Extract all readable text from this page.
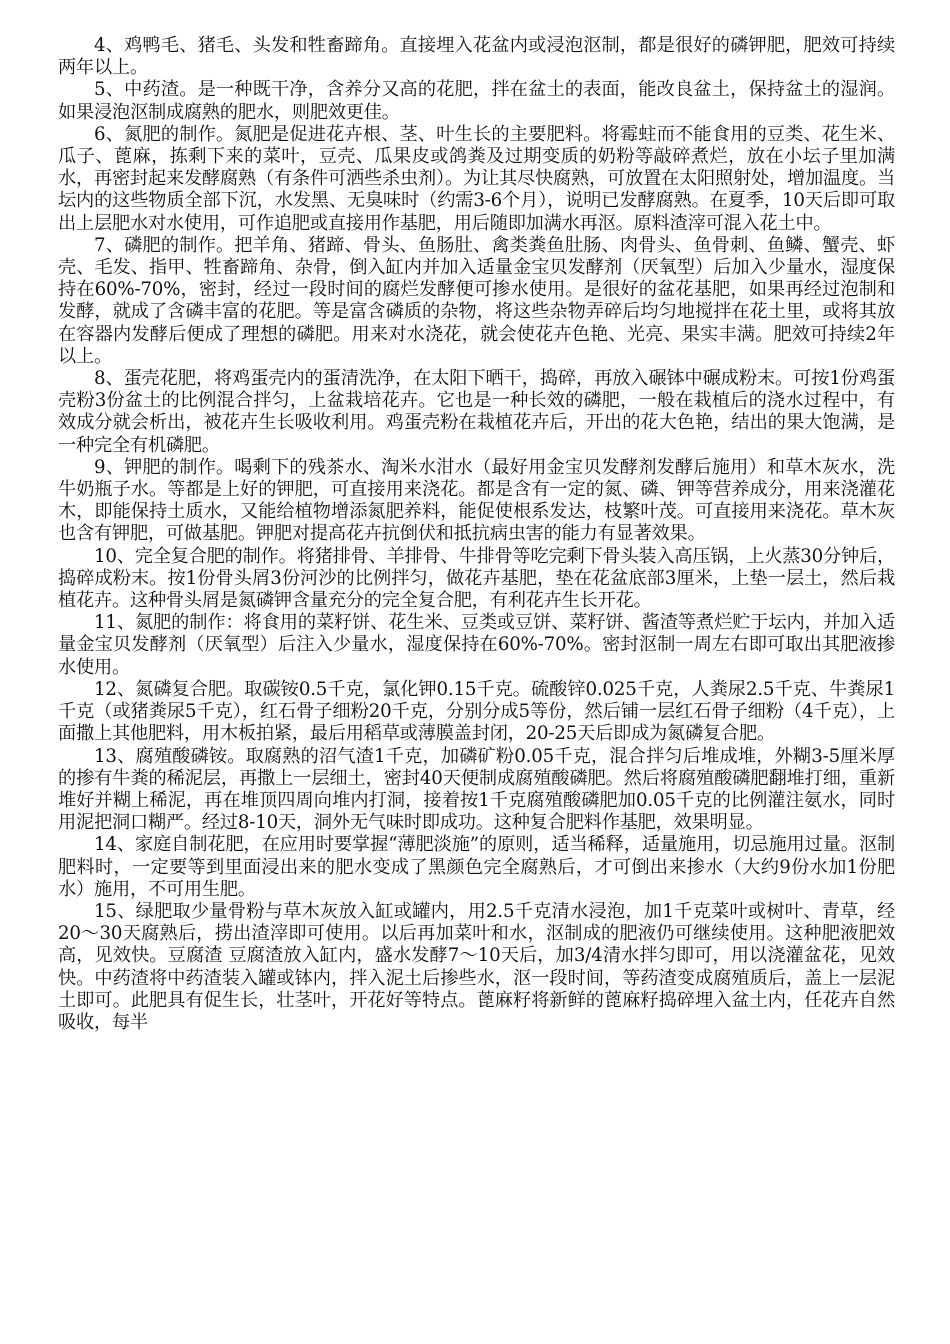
4、鸡鸭毛、猪毛、头发和牲畜蹄角。直接埋入花盆内或浸泡沤制，都是很好的磷钾肥，肥效可持续两年以上。

5、中药渣。是一种既干净，含养分又高的花肥，拌在盆土的表面，能改良盆土，保持盆土的湿润。如果浸泡沤制成腐熟的肥水，则肥效更佳。

6、氮肥的制作。氮肥是促进花卉根、茎、叶生长的主要肥料。将霉蛀而不能食用的豆类、花生米、瓜子、蓖麻，拣剩下来的菜叶，豆壳、瓜果皮或鸽粪及过期变质的奶粉等敲碎煮烂，放在小坛子里加满水，再密封起来发酵腐熟（有条件可洒些杀虫剂）。为让其尽快腐熟，可放置在太阳照射处，增加温度。当坛内的这些物质全部下沉，水发黑、无臭味时（约需3-6个月），说明已发酵腐熟。在夏季，10天后即可取出上层肥水对水使用，可作追肥或直接用作基肥，用后随即加满水再沤。原料渣滓可混入花土中。

7、磷肥的制作。把羊角、猪蹄、骨头、鱼肠肚、禽类粪鱼肚肠、肉骨头、鱼骨刺、鱼鳞、蟹壳、虾壳、毛发、指甲、牲畜蹄角、杂骨，倒入缸内并加入适量金宝贝发酵剂（厌氧型）后加入少量水，湿度保持在60%-70%，密封，经过一段时间的腐烂发酵便可掺水使用。是很好的盆花基肥，如果再经过泡制和发酵，就成了含磷丰富的花肥。等是富含磷质的杂物，将这些杂物弄碎后均匀地搅拌在花土里，或将其放在容器内发酵后便成了理想的磷肥。用来对水浇花，就会使花卉色艳、光亮、果实丰满。肥效可持续2年以上。

8、蛋壳花肥，将鸡蛋壳内的蛋清洗净，在太阳下晒干，捣碎，再放入碾钵中碾成粉末。可按1份鸡蛋壳粉3份盆土的比例混合拌匀，上盆栽培花卉。它也是一种长效的磷肥，一般在栽植后的浇水过程中，有效成分就会析出，被花卉生长吸收利用。鸡蛋壳粉在栽植花卉后，开出的花大色艳，结出的果大饱满，是一种完全有机磷肥。

9、钾肥的制作。喝剩下的残茶水、淘米水泔水（最好用金宝贝发酵剂发酵后施用）和草木灰水，洗牛奶瓶子水。等都是上好的钾肥，可直接用来浇花。都是含有一定的氮、磷、钾等营养成分，用来浇灌花木，即能保持土质水，又能给植物增添氮肥养料，能促使根系发达，枝繁叶茂。可直接用来浇花。草木灰也含有钾肥，可做基肥。钾肥对提高花卉抗倒伏和抵抗病虫害的能力有显著效果。

10、完全复合肥的制作。将猪排骨、羊排骨、牛排骨等吃完剩下骨头装入高压锅，上火蒸30分钟后，捣碎成粉末。按1份骨头屑3份河沙的比例拌匀，做花卉基肥，垫在花盆底部3厘米，上垫一层土，然后栽植花卉。这种骨头屑是氮磷钾含量充分的完全复合肥，有利花卉生长开花。

11、氮肥的制作：将食用的菜籽饼、花生米、豆类或豆饼、菜籽饼、酱渣等煮烂贮于坛内，并加入适量金宝贝发酵剂（厌氧型）后注入少量水，湿度保持在60%-70%。密封沤制一周左右即可取出其肥液掺水使用。

12、氮磷复合肥。取碳铵0.5千克，氯化钾0.15千克。硫酸锌0.025千克，人粪尿2.5千克、牛粪尿1千克（或猪粪尿5千克），红石骨子细粉20千克，分别分成5等份，然后铺一层红石骨子细粉（4千克），上面撒上其他肥料，用木板拍紧，最后用稻草或薄膜盖封闭，20-25天后即成为氮磷复合肥。

13、腐殖酸磷铵。取腐熟的沼气渣1千克，加磷矿粉0.05千克，混合拌匀后堆成堆，外糊3-5厘米厚的掺有牛粪的稀泥层，再撒上一层细土，密封40天便制成腐殖酸磷肥。然后将腐殖酸磷肥翻堆打细，重新堆好并糊上稀泥，再在堆顶四周向堆内打洞，接着按1千克腐殖酸磷肥加0.05千克的比例灌注氨水，同时用泥把洞口糊严。经过8-10天，洞外无气味时即成功。这种复合肥料作基肥，效果明显。

14、家庭自制花肥，在应用时要掌握“薄肥淡施”的原则，适当稀释，适量施用，切忌施用过量。沤制肥料时，一定要等到里面浸出来的肥水变成了黑颜色完全腐熟后，才可倒出来掺水（大约9份水加1份肥水）施用，不可用生肥。

15、绿肥取少量骨粉与草木灰放入缸或罐内，用2.5千克清水浸泡，加1千克菜叶或树叶、青草，经20～30天腐熟后，捞出渣滓即可使用。以后再加菜叶和水，沤制成的肥液仍可继续使用。这种肥液肥效高，见效快。豆腐渣 豆腐渣放入缸内，盛水发酵7～10天后，加3/4清水拌匀即可，用以浇灌盆花，见效快。中药渣将中药渣装入罐或钵内，拌入泥土后掺些水，沤一段时间，等药渣变成腐殖质后，盖上一层泥土即可。此肥具有促生长，壮茎叶，开花好等特点。蓖麻籽将新鲜的蓖麻籽捣碎埋入盆土内，任花卉自然吸收，每半
